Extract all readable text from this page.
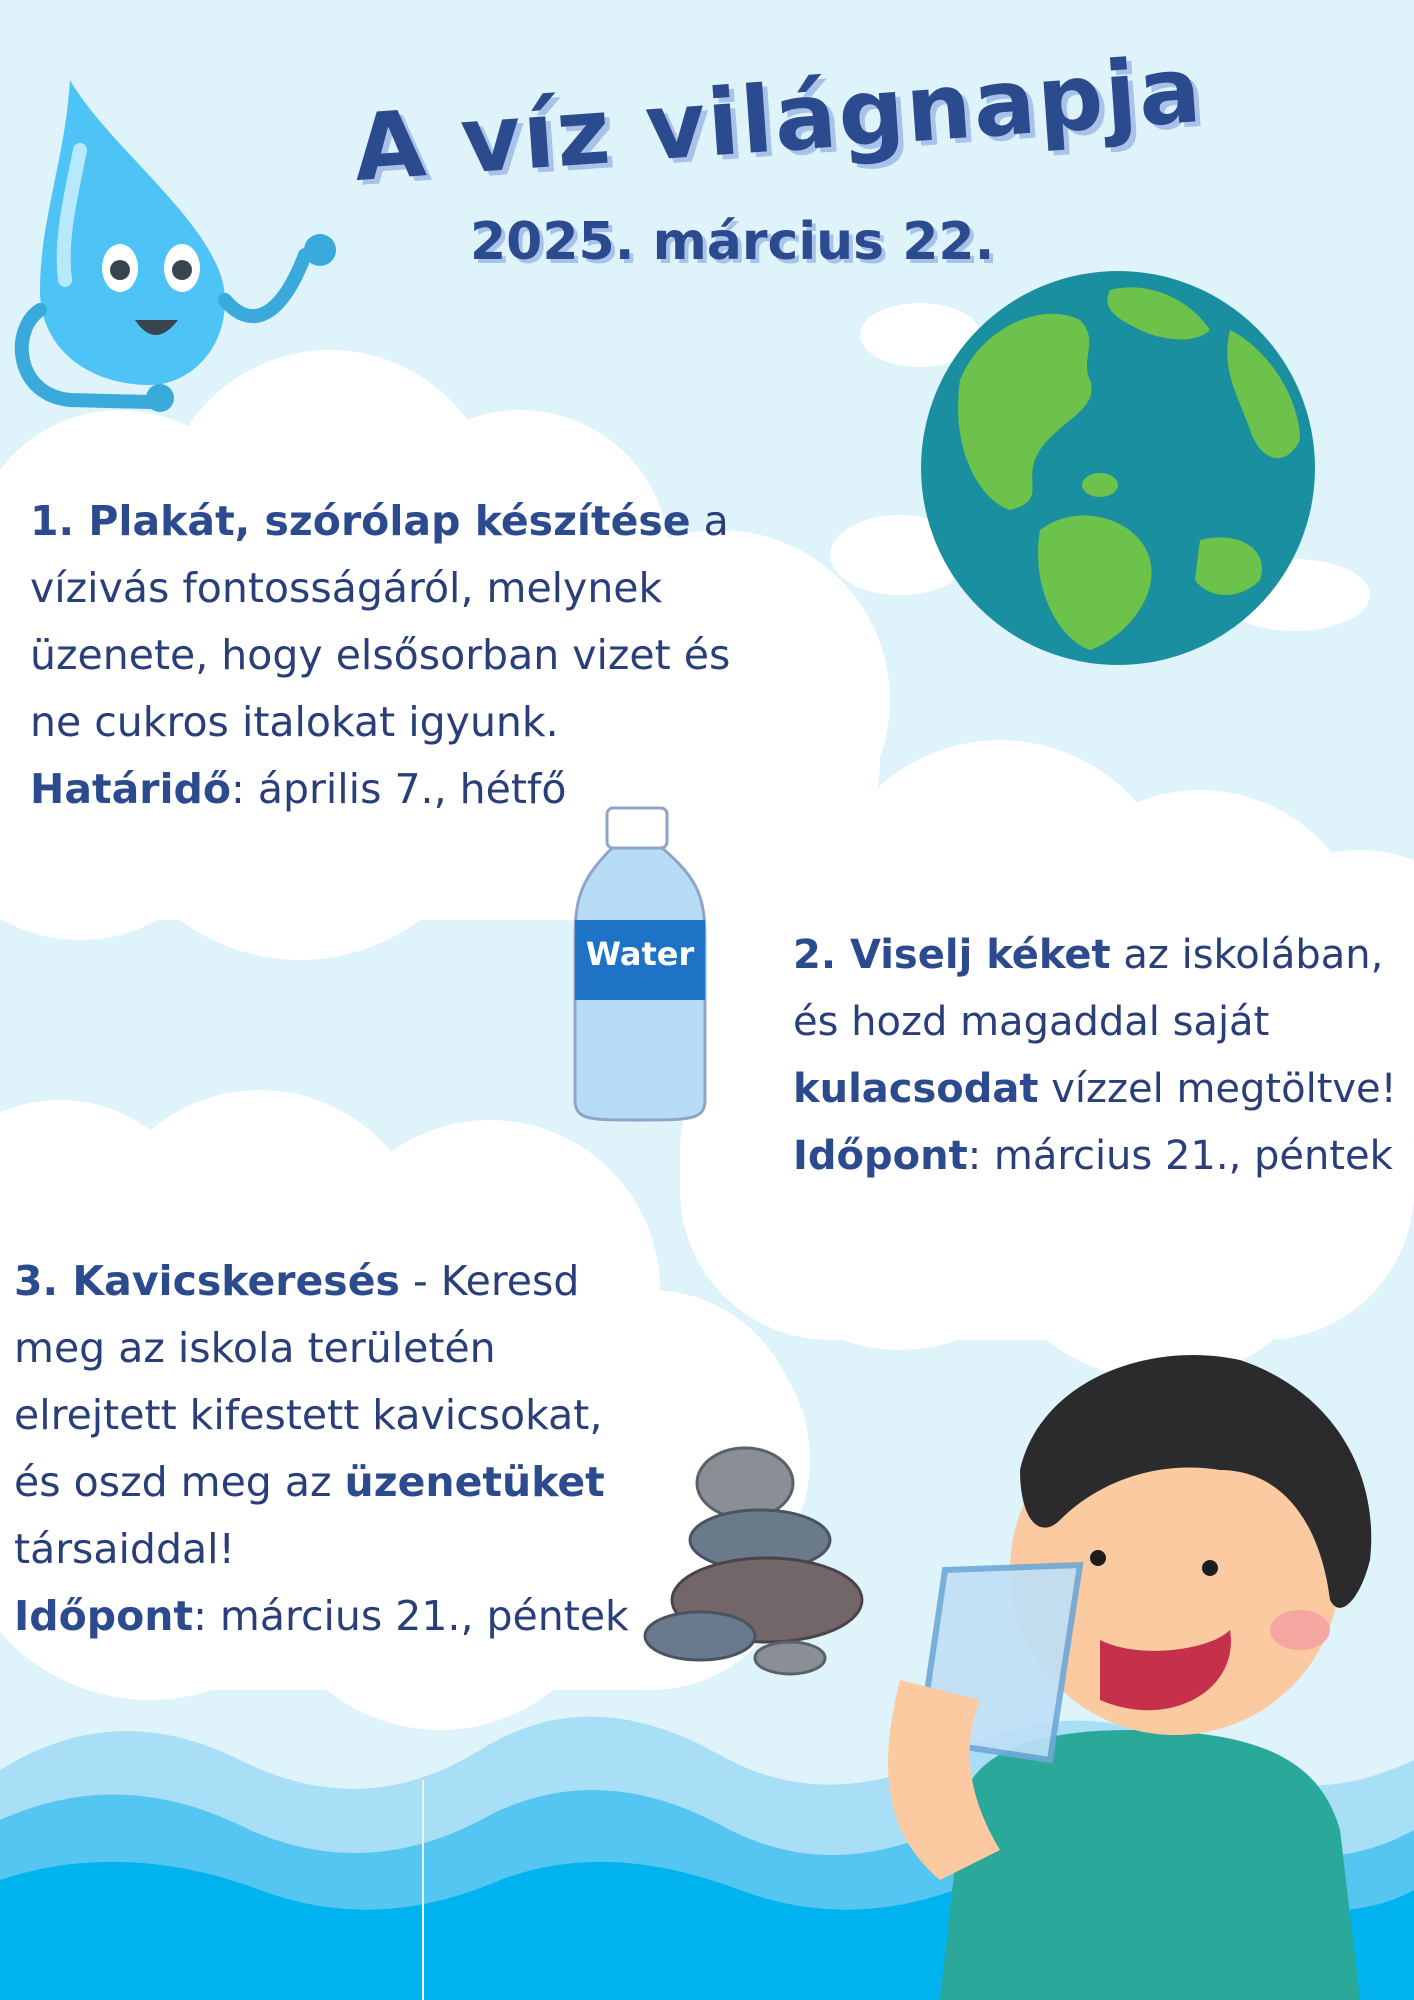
A víz világnapja
2025. március 22.
1. Plakát, szórólap készítése a vízivás fontosságáról, melynek üzenete, hogy elsősorban vizet és ne cukros italokat igyunk.
Határidő: április 7., hétfő
Water 2. Viselj kéket az iskolában, és hozd magaddal saját kulacsodat vízzel megtöltve!
Időpont: március 21., péntek
3. Kavicskeresés - Keresd meg az iskola területén elrejtett kifestett kavicsokat, és oszd meg az üzenetüket társaiddal!
Időpont: március 21., péntek
